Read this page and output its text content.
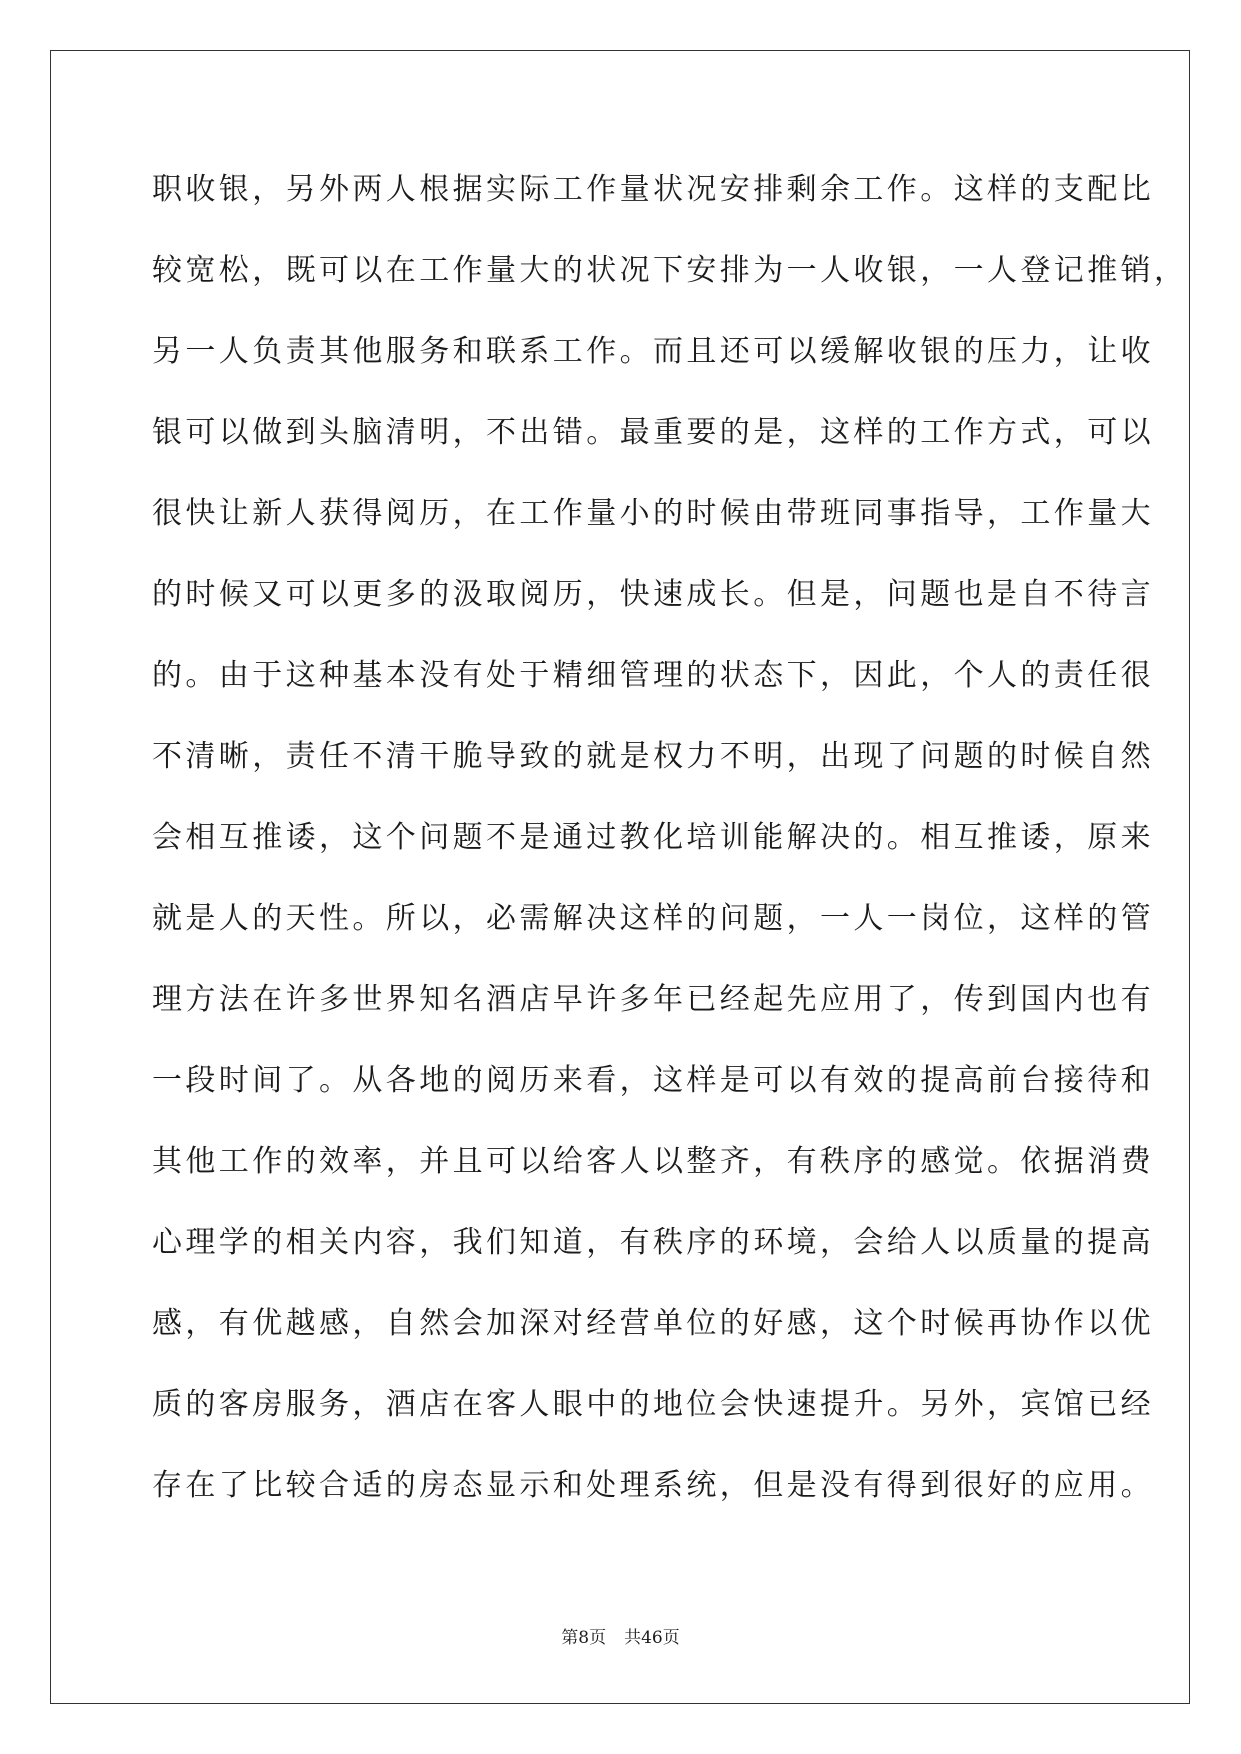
职收银，另外两人根据实际工作量状况安排剩余工作。这样的支配比
较宽松，既可以在工作量大的状况下安排为一人收银，一人登记推销，
另一人负责其他服务和联系工作。而且还可以缓解收银的压力，让收
银可以做到头脑清明，不出错。最重要的是，这样的工作方式，可以
很快让新人获得阅历，在工作量小的时候由带班同事指导，工作量大
的时候又可以更多的汲取阅历，快速成长。但是，问题也是自不待言
的。由于这种基本没有处于精细管理的状态下，因此，个人的责任很
不清晰，责任不清干脆导致的就是权力不明，出现了问题的时候自然
会相互推诿，这个问题不是通过教化培训能解决的。相互推诿，原来
就是人的天性。所以，必需解决这样的问题，一人一岗位，这样的管
理方法在许多世界知名酒店早许多年已经起先应用了，传到国内也有
一段时间了。从各地的阅历来看，这样是可以有效的提高前台接待和
其他工作的效率，并且可以给客人以整齐，有秩序的感觉。依据消费
心理学的相关内容，我们知道，有秩序的环境，会给人以质量的提高
感，有优越感，自然会加深对经营单位的好感，这个时候再协作以优
质的客房服务，酒店在客人眼中的地位会快速提升。另外，宾馆已经
存在了比较合适的房态显示和处理系统，但是没有得到很好的应用。
第8页 共46页
